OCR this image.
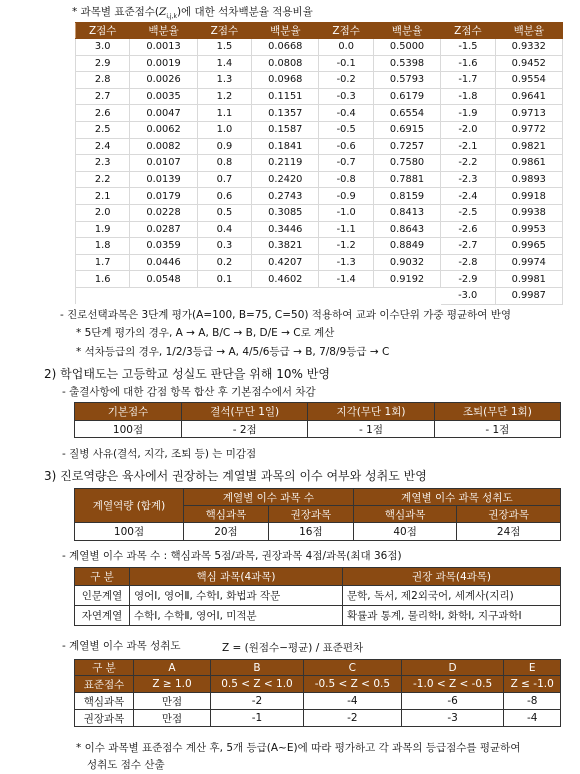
* 과목별 표준점수$(Z_{i,j,k})$에 대한 석차백분율 적용비율
Z점수	백분율	Z점수	백분율	Z점수	백분율	Z점수	백분율
3.0	0.0013	1.5	0.0668	0.0	0.5000	-1.5	0.9332
2.9	0.0019	1.4	0.0808	-0.1	0.5398	-1.6	0.9452
2.8	0.0026	1.3	0.0968	-0.2	0.5793	-1.7	0.9554
2.7	0.0035	1.2	0.1151	-0.3	0.6179	-1.8	0.9641
2.6	0.0047	1.1	0.1357	-0.4	0.6554	-1.9	0.9713
2.5	0.0062	1.0	0.1587	-0.5	0.6915	-2.0	0.9772
2.4	0.0082	0.9	0.1841	-0.6	0.7257	-2.1	0.9821
2.3	0.0107	0.8	0.2119	-0.7	0.7580	-2.2	0.9861
2.2	0.0139	0.7	0.2420	-0.8	0.7881	-2.3	0.9893
2.1	0.0179	0.6	0.2743	-0.9	0.8159	-2.4	0.9918
2.0	0.0228	0.5	0.3085	-1.0	0.8413	-2.5	0.9938
1.9	0.0287	0.4	0.3446	-1.1	0.8643	-2.6	0.9953
1.8	0.0359	0.3	0.3821	-1.2	0.8849	-2.7	0.9965
1.7	0.0446	0.2	0.4207	-1.3	0.9032	-2.8	0.9974
1.6	0.0548	0.1	0.4602	-1.4	0.9192	-2.9	0.9981
						-3.0	0.9987
- 진로선택과목은 3단계 평가(A=100, B=75, C=50) 적용하여 교과 이수단위 가중 평균하여 반영
* 5단계 평가의 경우, A → A, B/C → B, D/E → C로 계산
* 석차등급의 경우, 1/2/3등급 → A, 4/5/6등급 → B, 7/8/9등급 → C
2) 학업태도는 고등학교 성실도 판단을 위해 10% 반영
- 출결사항에 대한 감점 항목 합산 후 기본점수에서 차감
기본점수	결석(무단 1일)	지각(무단 1회)	조퇴(무단 1회)
100점	- 2점	- 1점	- 1점
- 질병 사유(결석, 지각, 조퇴 등) 는 미감점
3) 진로역량은 육사에서 권장하는 계열별 과목의 이수 여부와 성취도 반영
계열역량 (합계)	계열별 이수 과목 수		계열별 이수 과목 성취도	
	핵심과목	권장과목	핵심과목	권장과목
100점	20점	16점	40점	24점
- 계열별 이수 과목 수 : 핵심과목 5점/과목, 권장과목 4점/과목(최대 36점)
구 분	핵심 과목(4과목)	권장 과목(4과목)
인문계열	영어Ⅰ, 영어Ⅱ, 수학Ⅰ, 화법과 작문	문학, 독서, 제2외국어, 세계사(지리)
자연계열	수학Ⅰ, 수학Ⅱ, 영어Ⅰ, 미적분	확률과 통계, 물리학Ⅰ, 화학Ⅰ, 지구과학Ⅰ
- 계열별 이수 과목 성취도	Z = (원점수−평균) / 표준편차
구 분	A	B	C	D	E
표준점수	Z ≥ 1.0	0.5 < Z < 1.0	-0.5 < Z < 0.5	-1.0 < Z < -0.5	Z ≤ -1.0
핵심과목	만점	-2	-4	-6	-8
권장과목	만점	-1	-2	-3	-4
* 이수 과목별 표준점수 계산 후, 5개 등급(A~E)에 따라 평가하고 각 과목의 등급점수를 평균하여
성취도 점수 산출
